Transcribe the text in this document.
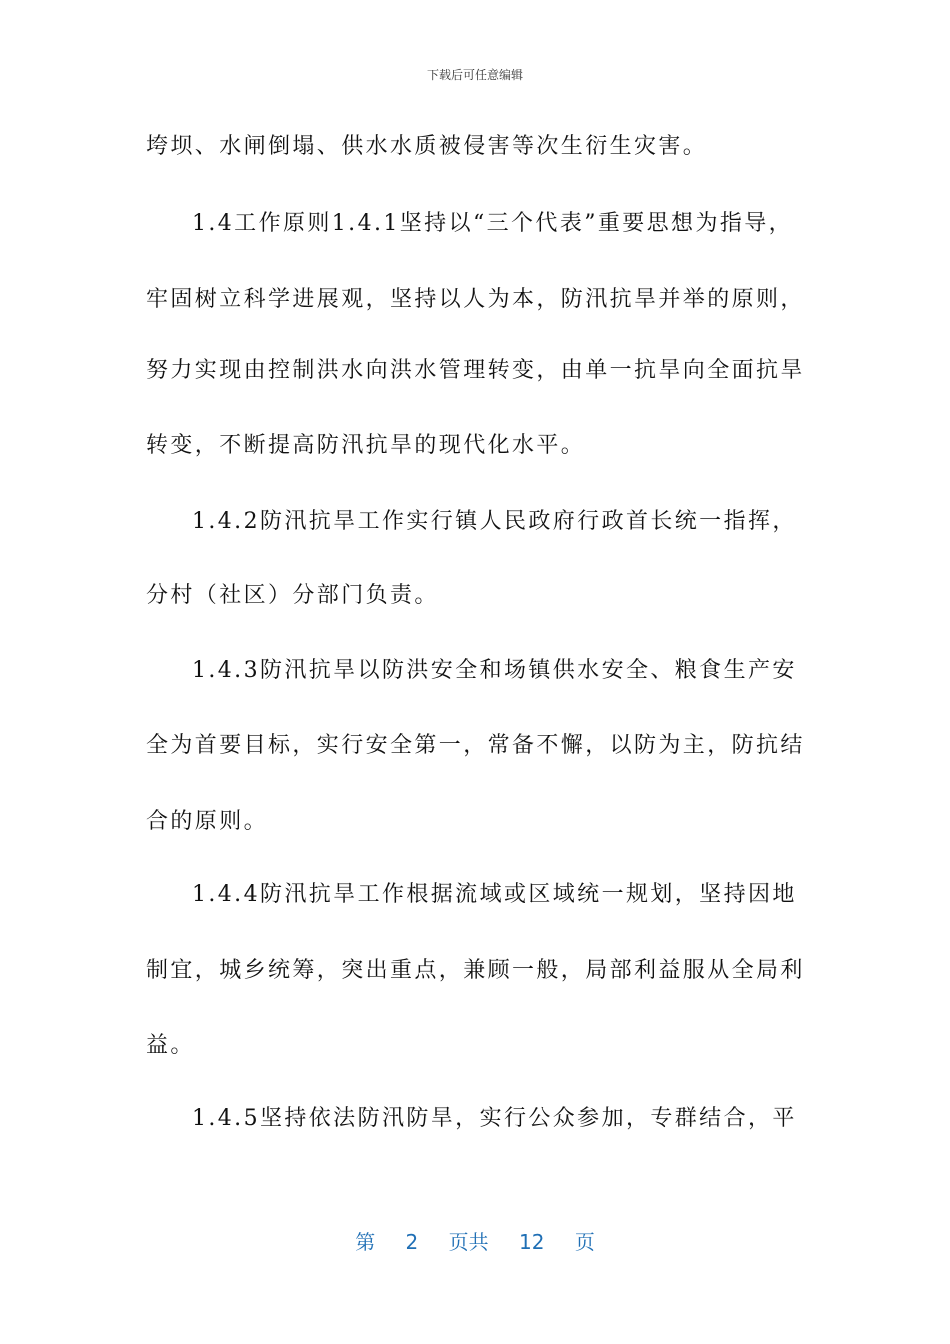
下载后可任意编辑
垮坝、水闸倒塌、供水水质被侵害等次生衍生灾害。
1.4工作原则1.4.1坚持以“三个代表”重要思想为指导，
牢固树立科学进展观，坚持以人为本，防汛抗旱并举的原则，
努力实现由控制洪水向洪水管理转变，由单一抗旱向全面抗旱
转变，不断提高防汛抗旱的现代化水平。
1.4.2防汛抗旱工作实行镇人民政府行政首长统一指挥，
分村（社区）分部门负责。
1.4.3防汛抗旱以防洪安全和场镇供水安全、粮食生产安
全为首要目标，实行安全第一，常备不懈，以防为主，防抗结
合的原则。
1.4.4防汛抗旱工作根据流域或区域统一规划，坚持因地
制宜，城乡统筹，突出重点，兼顾一般，局部利益服从全局利
益。
1.4.5坚持依法防汛防旱，实行公众参加，专群结合，平
第 2 页共 12 页
